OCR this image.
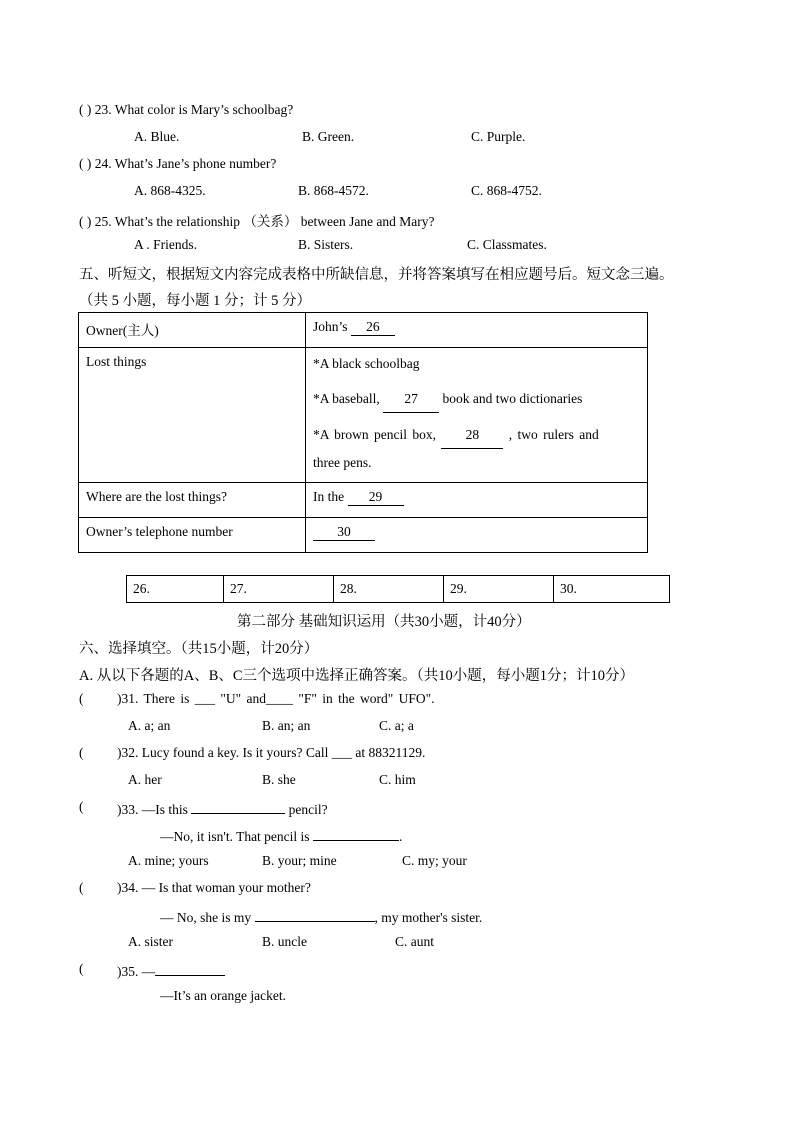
( ) 23. What color is Mary’s schoolbag?
A. Blue.	B. Green.	C. Purple.
( ) 24. What’s Jane’s phone number?
A. 868-4325.	B. 868-4572.	C. 868-4752.
( ) 25. What’s the relationship （关系） between Jane and Mary?
A . Friends.	B. Sisters.	C. Classmates.
五、听短文，根据短文内容完成表格中所缺信息，并将答案填写在相应题号后。短文念三遍。
（共 5 小题，每小题 1 分；计 5 分）
Owner(主人)	John’s 26
Lost things	*A black schoolbag
*A baseball, 27 book and two dictionaries
*A brown pencil box, 28 , two rulers and
three pens.

Where are the lost things?	In the 29
Owner’s telephone number	30
26.	27.	28.	29.	30.
第二部分 基础知识运用（共30小题，计40分）
六、选择填空。（共15小题，计20分）
A. 从以下各题的A、B、C三个选项中选择正确答案。（共10小题，每小题1分；计10分）
( )31. There is ___ "U" and____ "F" in the word" UFO".
A. a; an	B. an; an	C. a; a
( )32. Lucy found a key. Is it yours? Call ___ at 88321129.
A. her	B. she	C. him
( )33. —Is this	pencil?
—No, it isn't. That pencil is	.
A. mine; yours	B. your; mine	C. my; your
( )34. — Is that woman your mother?
— No, she is my	, my mother's sister.
A. sister	B. uncle	C. aunt
( )35. —
—It’s an orange jacket.
